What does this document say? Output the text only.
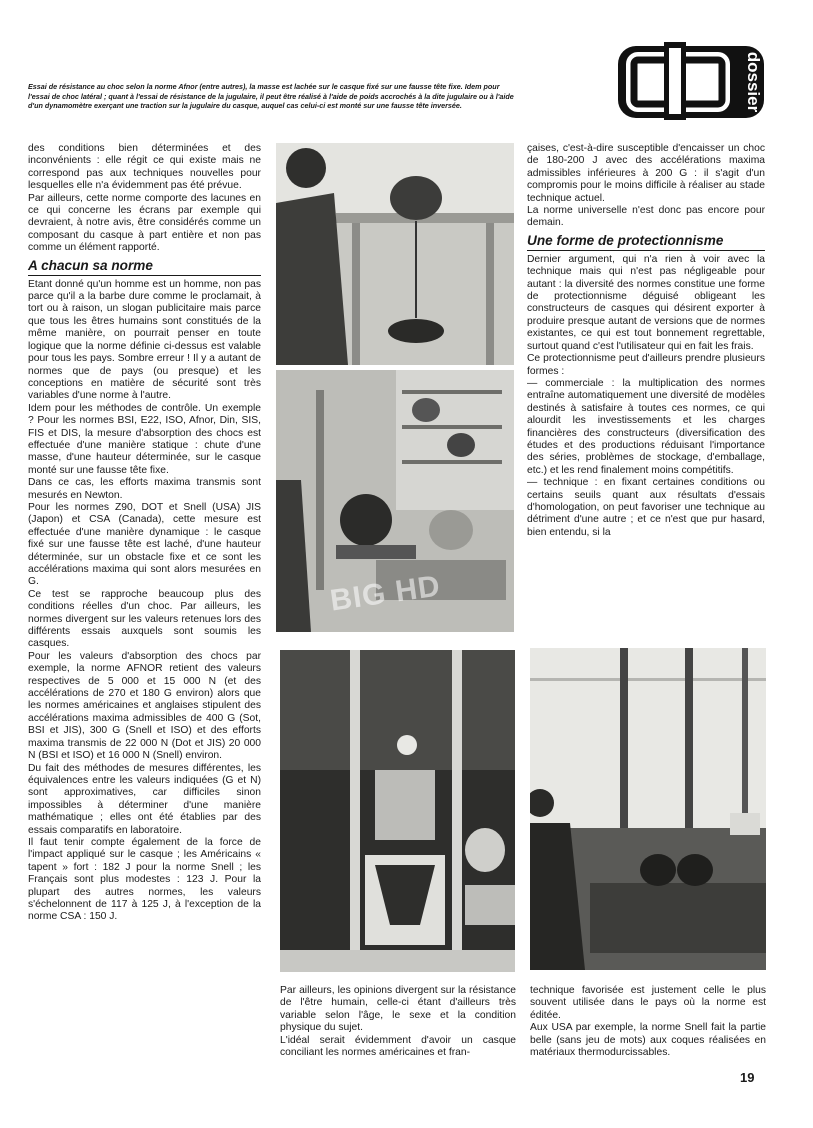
Essai de résistance au choc selon la norme Afnor (entre autres), la masse est lachée sur le casque fixé sur une fausse tête fixe. Idem pour l'essai de choc latéral ; quant à l'essai de résistance de la jugulaire, il peut être réalisé à l'aide de poids accrochés à la dite jugulaire ou à l'aide d'un dynamomètre exerçant une traction sur la jugulaire du casque, auquel cas celui-ci est monté sur une fausse tête inversée.	dossier

des conditions bien déterminées et des inconvénients : elle régit ce qui existe mais ne correspond pas aux techniques nouvelles pour lesquelles elle n'a évidemment pas été prévue.

Par ailleurs, cette norme comporte des lacunes en ce qui concerne les écrans par exemple qui devraient, à notre avis, être considérés comme un composant du casque à part entière et non pas comme un élément rapporté.

A chacun sa norme

Etant donné qu'un homme est un homme, non pas parce qu'il a la barbe dure comme le proclamait, à tort ou à raison, un slogan publicitaire mais parce que tous les êtres humains sont constitués de la même manière, on pourrait penser en toute logique que la norme définie ci-dessus est valable pour tous les pays. Sombre erreur ! Il y a autant de normes que de pays (ou presque) et les conceptions en matière de sécurité sont très variables d'une norme à l'autre.

Idem pour les méthodes de contrôle. Un exemple ? Pour les normes BSI, E22, ISO, Afnor, Din, SIS, FIS et DIS, la mesure d'absorption des chocs est effectuée d'une manière statique : chute d'une masse, d'une hauteur déterminée, sur le casque monté sur une fausse tête fixe.

Dans ce cas, les efforts maxima transmis sont mesurés en Newton.

Pour les normes Z90, DOT et Snell (USA) JIS (Japon) et CSA (Canada), cette mesure est effectuée d'une manière dynamique : le casque fixé sur une fausse tête est laché, d'une hauteur déterminée, sur un obstacle fixe et ce sont les accélérations maxima qui sont alors mesurées en G.

Ce test se rapproche beaucoup plus des conditions réelles d'un choc. Par ailleurs, les normes divergent sur les valeurs retenues lors des différents essais auxquels sont soumis les casques.

Pour les valeurs d'absorption des chocs par exemple, la norme AFNOR retient des valeurs respectives de 5 000 et 15 000 N (et des accélérations de 270 et 180 G environ) alors que les normes américaines et anglaises stipulent des accélérations maxima admissibles de 400 G (Sot, BSI et JIS), 300 G (Snell et ISO) et des efforts maxima transmis de 22 000 N (Dot et JIS) 20 000 N (BSI et ISO) et 16 000 N (Snell) environ.

Du fait des méthodes de mesures différentes, les équivalences entre les valeurs indiquées (G et N) sont approximatives, car difficiles sinon impossibles à déterminer d'une manière mathématique ; elles ont été établies par des essais comparatifs en laboratoire.

Il faut tenir compte également de la force de l'impact appliqué sur le casque ; les Américains « tapent » fort : 182 J pour la norme Snell ; les Français sont plus modestes : 123 J. Pour la plupart des autres normes, les valeurs s'échelonnent de 117 à 125 J, à l'exception de la norme CSA : 150 J.

BIG HD

çaises, c'est-à-dire susceptible d'encaisser un choc de 180-200 J avec des accélérations maxima admissibles inférieures à 200 G : il s'agit d'un compromis pour le moins difficile à réaliser au stade technique actuel.

La norme universelle n'est donc pas encore pour demain.

Une forme de protectionnisme

Dernier argument, qui n'a rien à voir avec la technique mais qui n'est pas négligeable pour autant : la diversité des normes constitue une forme de protectionnisme déguisé obligeant les constructeurs de casques qui désirent exporter à produire presque autant de versions que de normes existantes, ce qui est tout bonnement regrettable, surtout quand c'est l'utilisateur qui en fait les frais.

Ce protectionnisme peut d'ailleurs prendre plusieurs formes :

— commerciale : la multiplication des normes entraîne automatiquement une diversité de modèles destinés à satisfaire à toutes ces normes, ce qui alourdit les investissements et les charges financières des constructeurs (diversification des études et des productions réduisant l'importance des séries, problèmes de stockage, d'emballage, etc.) et les rend finalement moins compétitifs.

— technique : en fixant certaines conditions ou certains seuils quant aux résultats d'essais d'homologation, on peut favoriser une technique au détriment d'une autre ; et ce n'est que pur hasard, bien entendu, si la

Par ailleurs, les opinions divergent sur la résistance de l'être humain, celle-ci étant d'ailleurs très variable selon l'âge, le sexe et la condition physique du sujet.

L'idéal serait évidemment d'avoir un casque conciliant les normes américaines et fran-

technique favorisée est justement celle le plus souvent utilisée dans le pays où la norme est éditée.

Aux USA par exemple, la norme Snell fait la partie belle (sans jeu de mots) aux coques réalisées en matériaux thermodurcissables.

19
